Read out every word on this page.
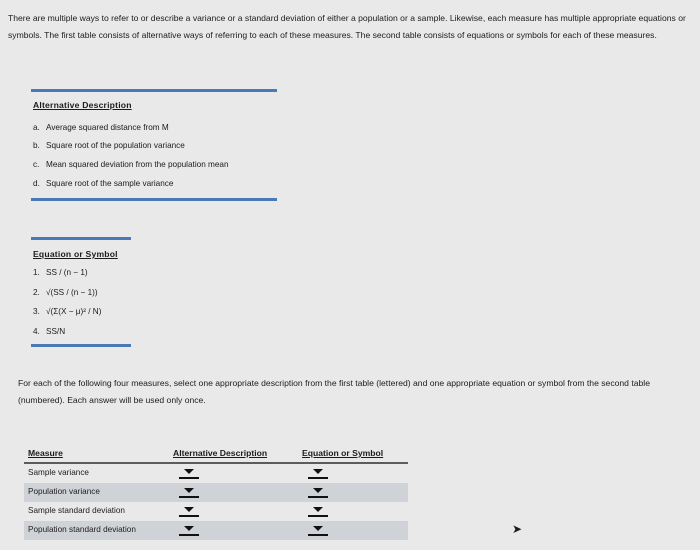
There are multiple ways to refer to or describe a variance or a standard deviation of either a population or a sample. Likewise, each measure has multiple appropriate equations or symbols. The first table consists of alternative ways of referring to each of these measures. The second table consists of equations or symbols for each of these measures.
Alternative Description
a. Average squared distance from M
b. Square root of the population variance
c. Mean squared deviation from the population mean
d. Square root of the sample variance
Equation or Symbol
1. SS / (n − 1)
2. √(SS / (n − 1))
3. √(Σ(X − μ)² / N)
4. SS/N
For each of the following four measures, select one appropriate description from the first table (lettered) and one appropriate equation or symbol from the second table (numbered). Each answer will be used only once.
Measure	Alternative Description	Equation or Symbol
Sample variance
Population variance
Sample standard deviation
Population standard deviation	➤
